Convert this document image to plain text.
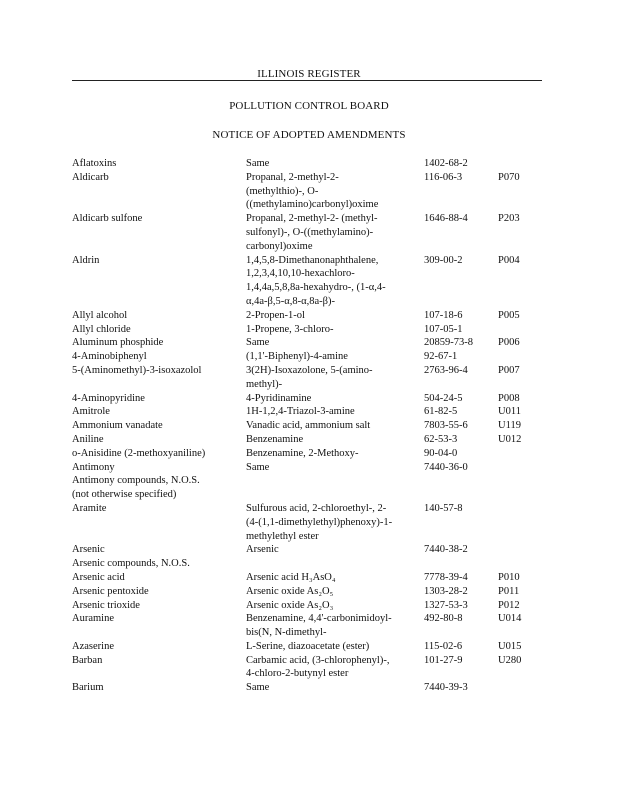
ILLINOIS REGISTER
POLLUTION CONTROL BOARD
NOTICE OF ADOPTED AMENDMENTS
Aflatoxins	Same	1402-68-2
Aldicarb	Propanal, 2-methyl-2-
(methylthio)-, O-
((methylamino)carbonyl)oxime
116-06-3	P070
Aldicarb sulfone	Propanal, 2-methyl-2- (methyl-
sulfonyl)-, O-((methylamino)-
carbonyl)oxime
1646-88-4	P203
Aldrin	1,4,5,8-Dimethanonaphthalene,
1,2,3,4,10,10-hexachloro-
1,4,4a,5,8,8a-hexahydro-, (1-α,4-
α,4a-β,5-α,8-α,8a-β)-
309-00-2	P004
Allyl alcohol	2-Propen-1-ol	107-18-6	P005
Allyl chloride	1-Propene, 3-chloro-	107-05-1
Aluminum phosphide	Same	20859-73-8	P006
4-Aminobiphenyl	(1,1'-Biphenyl)-4-amine	92-67-1
5-(Aminomethyl)-3-isoxazolol	3(2H)-Isoxazolone, 5-(amino-
methyl)-
2763-96-4	P007
4-Aminopyridine	4-Pyridinamine	504-24-5	P008
Amitrole	1H-1,2,4-Triazol-3-amine	61-82-5	U011
Ammonium vanadate	Vanadic acid, ammonium salt	7803-55-6	U119
Aniline	Benzenamine	62-53-3	U012
o-Anisidine (2-methoxyaniline)	Benzenamine, 2-Methoxy-	90-04-0
Antimony	Same	7440-36-0
Antimony compounds, N.O.S.
(not otherwise specified)
Aramite	Sulfurous acid, 2-chloroethyl-, 2-
(4-(1,1-dimethylethyl)phenoxy)-1-
methylethyl ester
140-57-8
Arsenic	Arsenic	7440-38-2
Arsenic compounds, N.O.S.
Arsenic acid	Arsenic acid H₃AsO₄	7778-39-4	P010
Arsenic pentoxide	Arsenic oxide As₂O₅	1303-28-2	P011
Arsenic trioxide	Arsenic oxide As₂O₃	1327-53-3	P012
Auramine	Benzenamine, 4,4'-carbonimidoyl-
bis(N, N-dimethyl-
492-80-8	U014
Azaserine	L-Serine, diazoacetate (ester)	115-02-6	U015
Barban	Carbamic acid, (3-chlorophenyl)-,
4-chloro-2-butynyl ester
101-27-9	U280
Barium	Same	7440-39-3
